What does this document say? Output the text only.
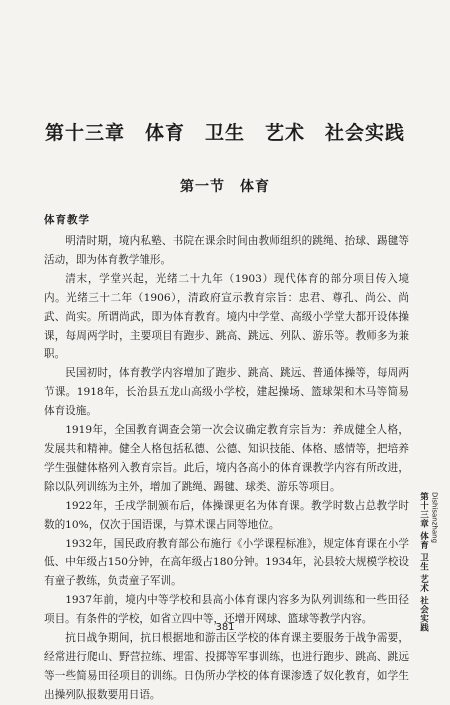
第十三章　体育　卫生　艺术　社会实践
第一节　体育
体育教学

明清时期，境内私塾、书院在课余时间由教师组织的跳绳、抬球、踢毽等活动，即为体育教学雏形。

清末，学堂兴起，光绪二十九年（1903）现代体育的部分项目传入境内。光绪三十二年（1906），清政府宣示教育宗旨：忠君、尊孔、尚公、尚武、尚实。所谓尚武，即为体育教育。境内中学堂、高级小学堂大都开设体操课，每周两学时，主要项目有跑步、跳高、跳远、列队、游乐等。教师多为兼职。

民国初时，体育教学内容增加了跑步、跳高、跳远、普通体操等，每周两节课。1918年，长治县五龙山高级小学校，建起操场、篮球架和木马等简易体育设施。

1919年，全国教育调查会第一次会议确定教育宗旨为：养成健全人格，发展共和精神。健全人格包括私德、公德、知识技能、体格、感情等，把培养学生强健体格列入教育宗旨。此后，境内各高小的体育课教学内容有所改进，除以队列训练为主外，增加了跳绳、踢毽、球类、游乐等项目。

1922年，壬戌学制颁布后，体操课更名为体育课。教学时数占总教学时数的10%，仅次于国语课，与算术课占同等地位。

1932年，国民政府教育部公布施行《小学课程标准》，规定体育课在小学低、中年级占150分钟，在高年级占180分钟。1934年，沁县较大规模学校设有童子教练，负责童子军训。

1937年前，境内中等学校和县高小体育课内容多为队列训练和一些田径项目。有条件的学校，如省立四中等，还增开网球、篮球等教学内容。

抗日战争期间，抗日根据地和游击区学校的体育课主要服务于战争需要，经常进行爬山、野营拉练、埋雷、投掷等军事训练，也进行跑步、跳高、跳远等一些简易田径项目的训练。日伪所办学校的体育课渗透了奴化教育，如学生出操列队报数要用日语。

第十三章 体育 卫生 艺术 社会实践 Dishisanzhang
381
